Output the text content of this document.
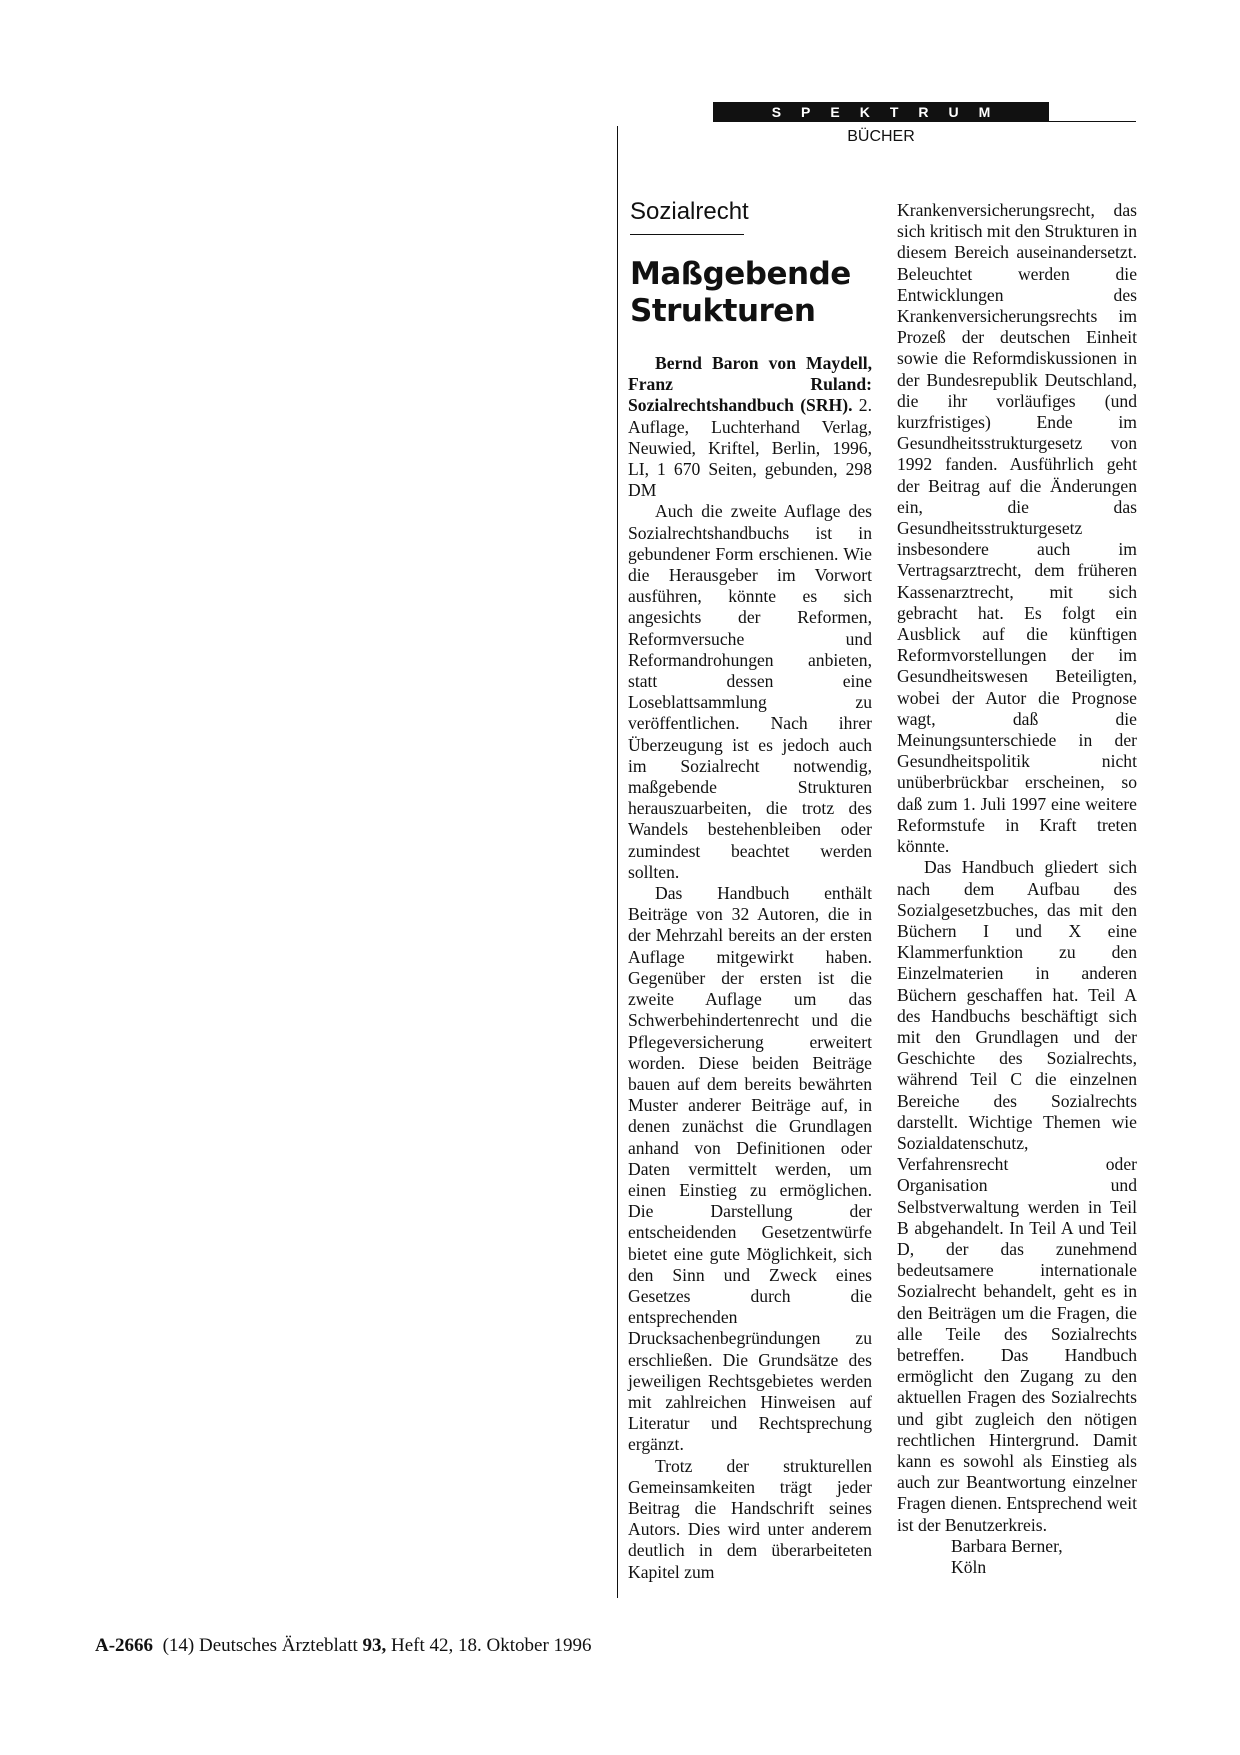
SPEKTRUM
BÜCHER
Sozialrecht
Maßgebende
Strukturen

Bernd Baron von Maydell, Franz Ruland: Sozialrechtshandbuch (SRH). 2. Auflage, Luchterhand Verlag, Neuwied, Kriftel, Berlin, 1996, LI, 1 670 Seiten, gebunden, 298 DM

Auch die zweite Auflage des Sozialrechtshandbuchs ist in gebundener Form erschienen. Wie die Herausgeber im Vorwort ausführen, könnte es sich angesichts der Reformen, Reformversuche und Reformandrohungen anbieten, statt dessen eine Loseblattsammlung zu veröffentlichen. Nach ihrer Überzeugung ist es jedoch auch im Sozialrecht notwendig, maßgebende Strukturen herauszuarbeiten, die trotz des Wandels bestehenbleiben oder zumindest beachtet werden sollten.

Das Handbuch enthält Beiträge von 32 Autoren, die in der Mehrzahl bereits an der ersten Auflage mitgewirkt haben. Gegenüber der ersten ist die zweite Auflage um das Schwerbehindertenrecht und die Pflegeversicherung erweitert worden. Diese beiden Beiträge bauen auf dem bereits bewährten Muster anderer Beiträge auf, in denen zunächst die Grundlagen anhand von Definitionen oder Daten vermittelt werden, um einen Einstieg zu ermöglichen. Die Darstellung der entscheidenden Gesetzentwürfe bietet eine gute Möglichkeit, sich den Sinn und Zweck eines Gesetzes durch die entsprechenden Drucksachenbegründungen zu erschließen. Die Grundsätze des jeweiligen Rechtsgebietes werden mit zahlreichen Hinweisen auf Literatur und Rechtsprechung ergänzt.

Trotz der strukturellen Gemeinsamkeiten trägt jeder Beitrag die Handschrift seines Autors. Dies wird unter anderem deutlich in dem überarbeiteten Kapitel zum

Krankenversicherungsrecht, das sich kritisch mit den Strukturen in diesem Bereich auseinandersetzt. Beleuchtet werden die Entwicklungen des Krankenversicherungsrechts im Prozeß der deutschen Einheit sowie die Reformdiskussionen in der Bundesrepublik Deutschland, die ihr vorläufiges (und kurzfristiges) Ende im Gesundheitsstrukturgesetz von 1992 fanden. Ausführlich geht der Beitrag auf die Änderungen ein, die das Gesundheitsstrukturgesetz insbesondere auch im Vertragsarztrecht, dem früheren Kassenarztrecht, mit sich gebracht hat. Es folgt ein Ausblick auf die künftigen Reformvorstellungen der im Gesundheitswesen Beteiligten, wobei der Autor die Prognose wagt, daß die Meinungsunterschiede in der Gesundheitspolitik nicht unüberbrückbar erscheinen, so daß zum 1. Juli 1997 eine weitere Reformstufe in Kraft treten könnte.

Das Handbuch gliedert sich nach dem Aufbau des Sozialgesetzbuches, das mit den Büchern I und X eine Klammerfunktion zu den Einzelmaterien in anderen Büchern geschaffen hat. Teil A des Handbuchs beschäftigt sich mit den Grundlagen und der Geschichte des Sozialrechts, während Teil C die einzelnen Bereiche des Sozialrechts darstellt. Wichtige Themen wie Sozialdatenschutz, Verfahrensrecht oder Organisation und Selbstverwaltung werden in Teil B abgehandelt. In Teil A und Teil D, der das zunehmend bedeutsamere internationale Sozialrecht behandelt, geht es in den Beiträgen um die Fragen, die alle Teile des Sozialrechts betreffen. Das Handbuch ermöglicht den Zugang zu den aktuellen Fragen des Sozialrechts und gibt zugleich den nötigen rechtlichen Hintergrund. Damit kann es sowohl als Einstieg als auch zur Beantwortung einzelner Fragen dienen. Entsprechend weit ist der Benutzerkreis.

Barbara Berner,

Köln

A-2666 (14) Deutsches Ärzteblatt 93, Heft 42, 18. Oktober 1996
